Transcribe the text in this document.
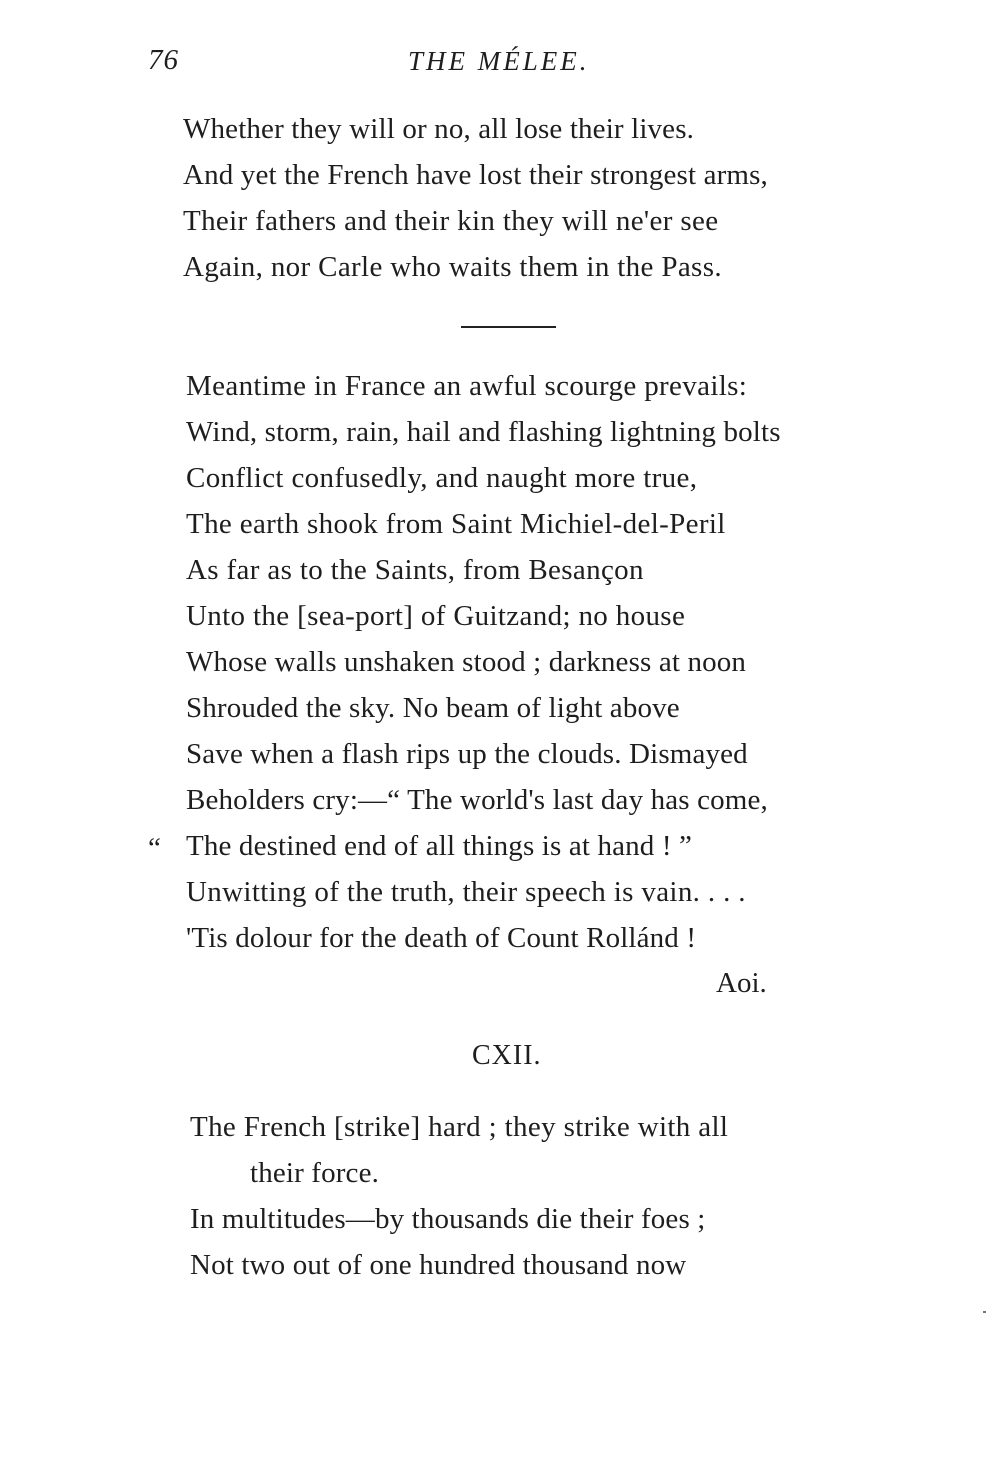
76	THE MÉLEE.
Whether they will or no, all lose their lives.
And yet the French have lost their strongest arms,
Their fathers and their kin they will ne'er see
Again, nor Carle who waits them in the Pass.
Meantime in France an awful scourge prevails:
Wind, storm, rain, hail and flashing lightning bolts
Conflict confusedly, and naught more true,
The earth shook from Saint Michiel-del-Peril
As far as to the Saints, from Besançon
Unto the [sea-port] of Guitzand; no house
Whose walls unshaken stood ; darkness at noon
Shrouded the sky. No beam of light above
Save when a flash rips up the clouds. Dismayed
Beholders cry:—“ The world's last day has come,
“ The destined end of all things is at hand ! ”
Unwitting of the truth, their speech is vain. . . .
'Tis dolour for the death of Count Rollánd !
Aoi.
CXII.
The French [strike] hard ; they strike with all
their force.
In multitudes—by thousands die their foes ;
Not two out of one hundred thousand now
